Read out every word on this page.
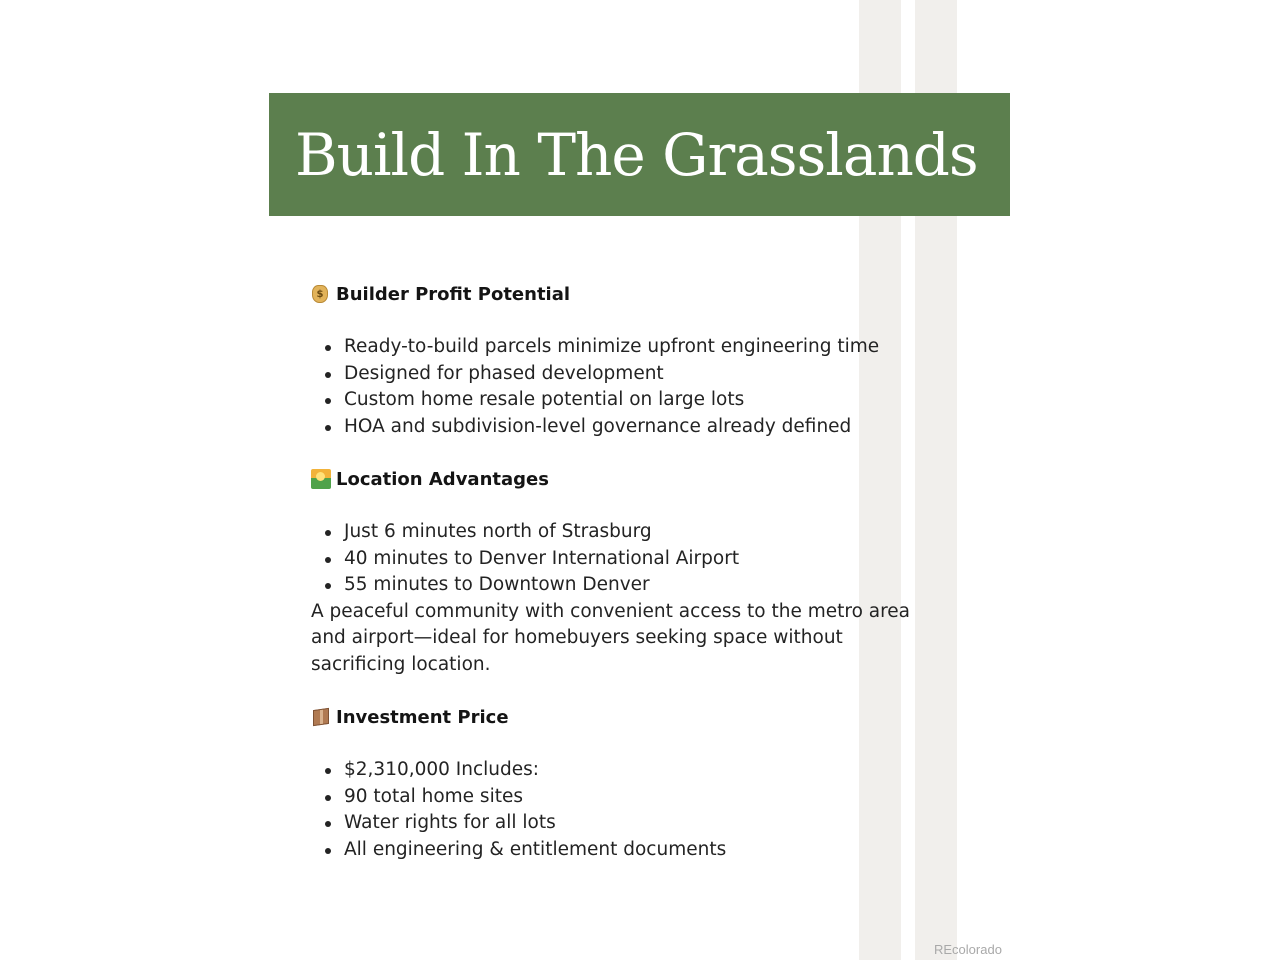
Build In The Grasslands
$ Builder Profit Potential
Ready-to-build parcels minimize upfront engineering time
Designed for phased development
Custom home resale potential on large lots
HOA and subdivision-level governance already defined
Location Advantages
Just 6 minutes north of Strasburg
40 minutes to Denver International Airport
55 minutes to Downtown Denver

A peaceful community with convenient access to the metro area
and airport—ideal for homebuyers seeking space without
sacrificing location.

Investment Price
$2,310,000 Includes:
90 total home sites
Water rights for all lots
All engineering & entitlement documents
REcolorado
